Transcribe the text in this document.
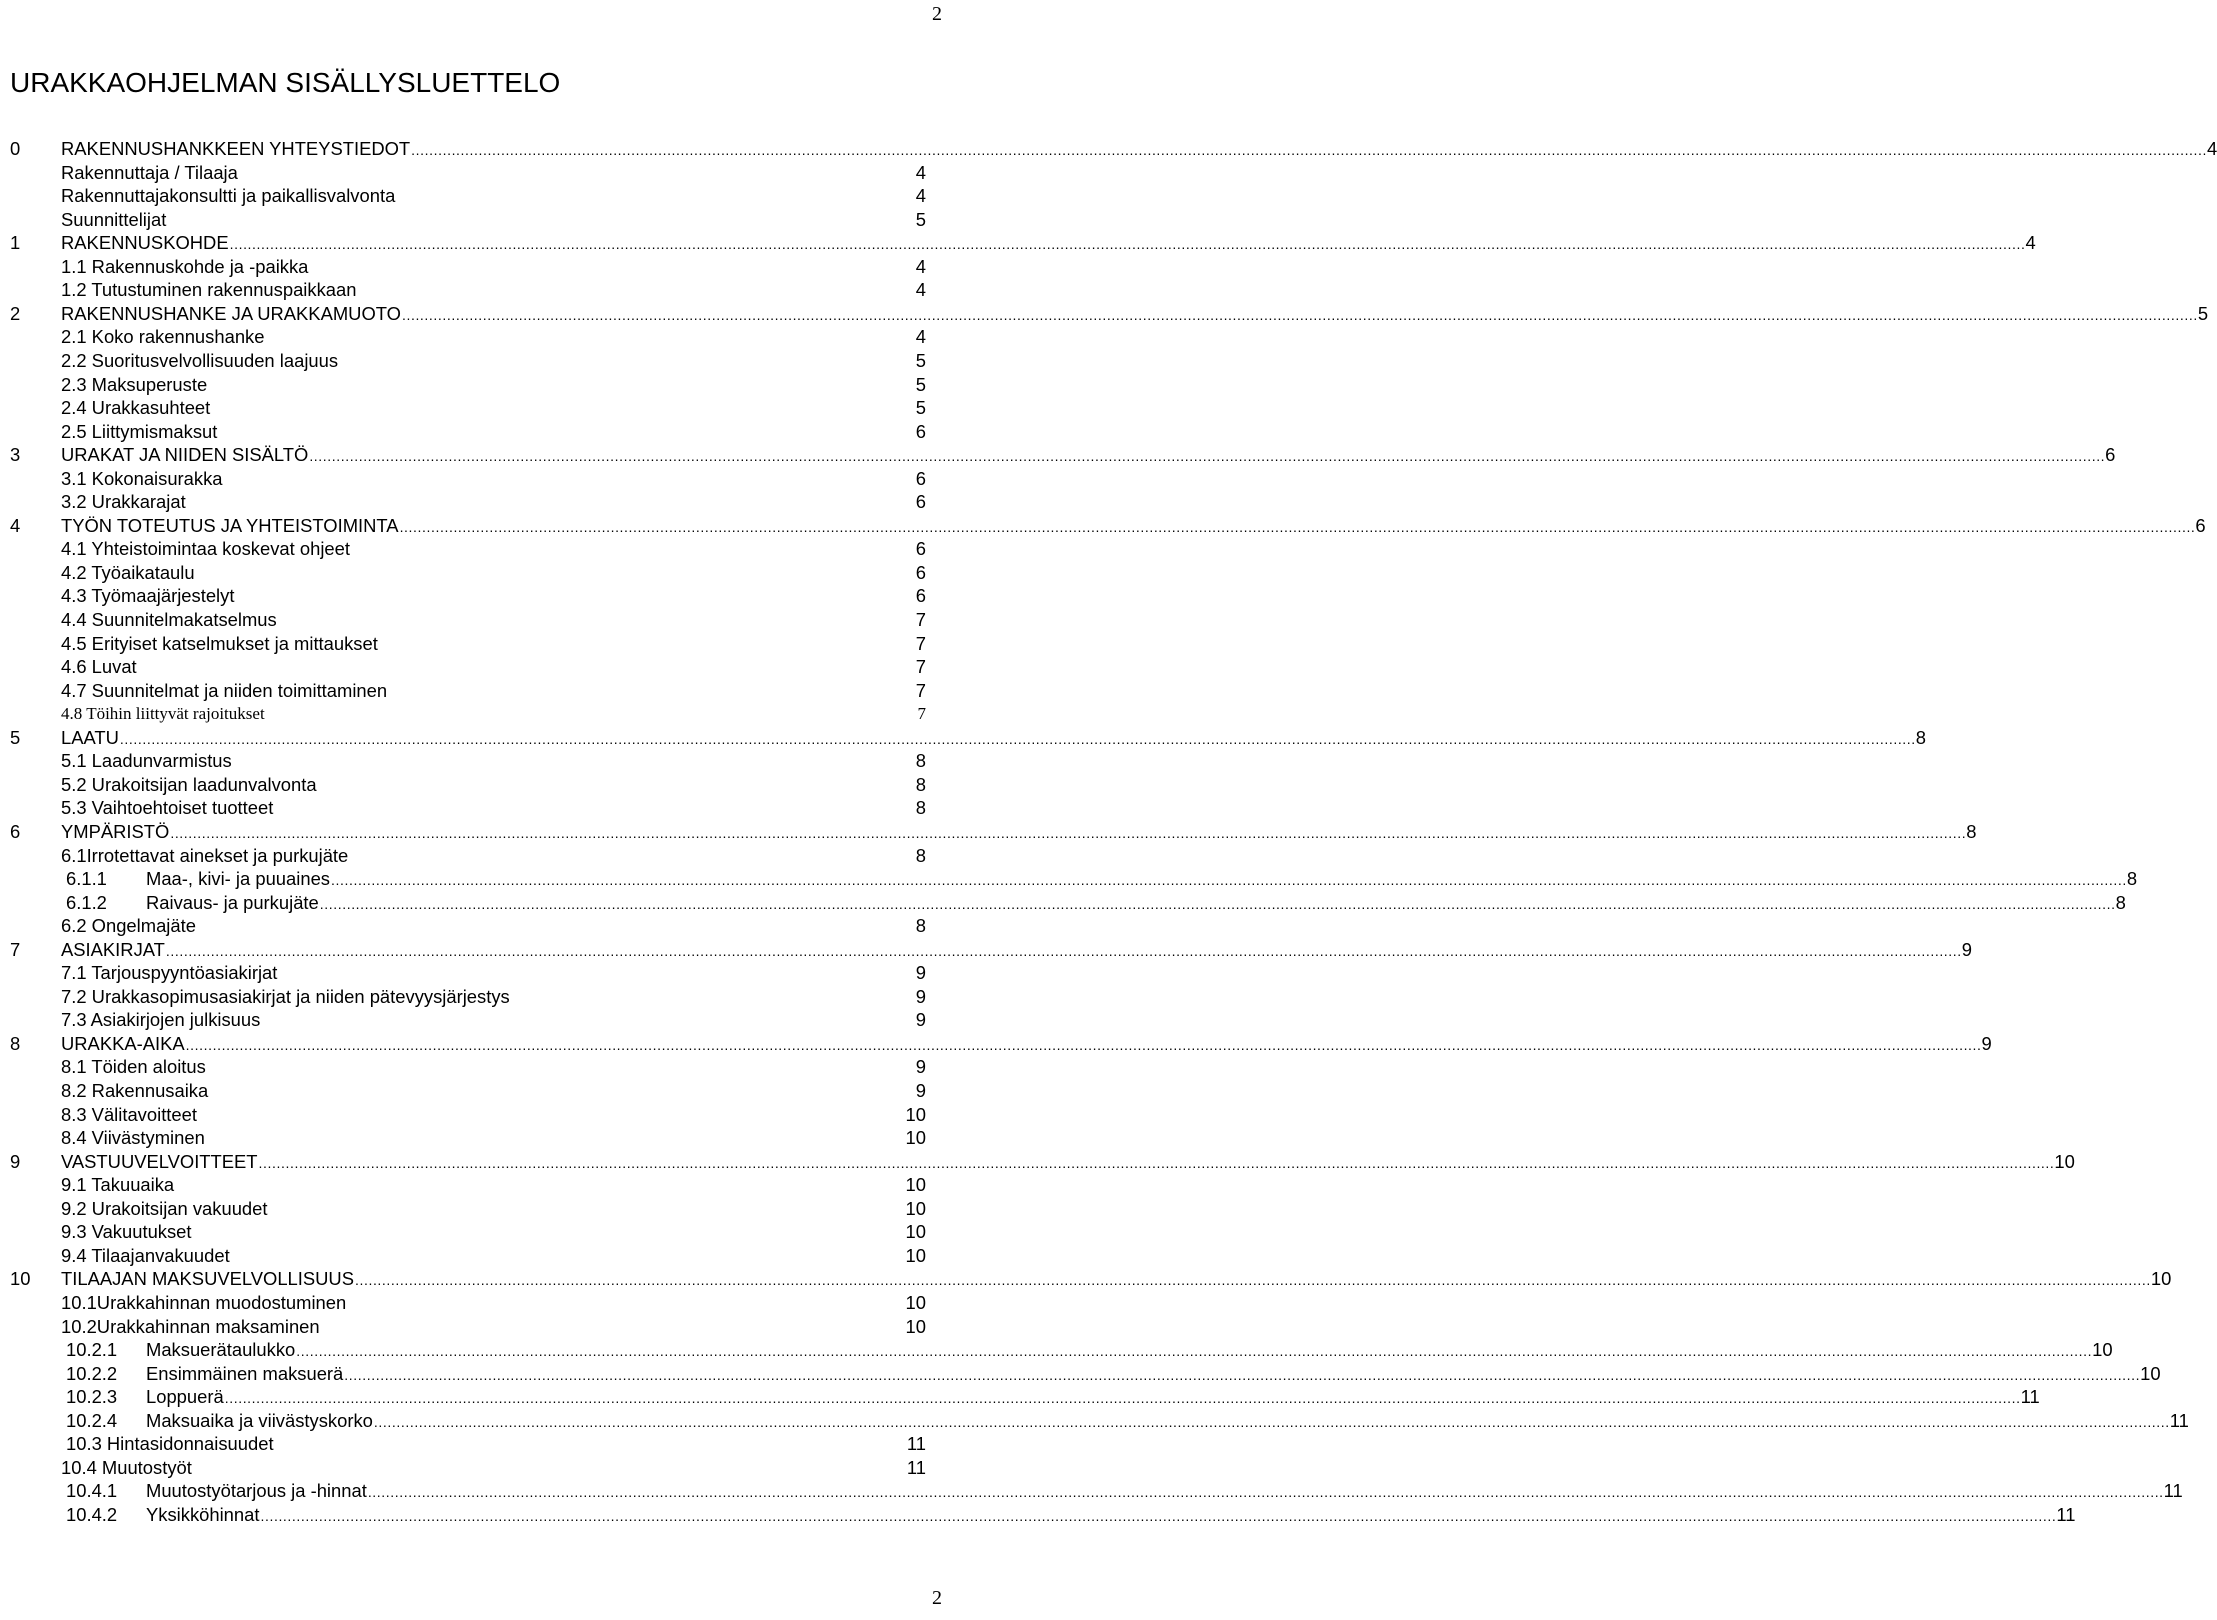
2
URAKKAOHJELMAN SISÄLLYSLUETTELO
0 RAKENNUSHANKKEEN YHTEYSTIEDOT ................................................................................................................................................................................................................................................................................................................................................................................................................ 4
Rakennuttaja / Tilaaja	4
Rakennuttajakonsultti ja paikallisvalvonta	4
Suunnittelijat	5
1 RAKENNUSKOHDE ................................................................................................................................................................................................................................................................................................................................................................................................................ 4
1.1 Rakennuskohde ja -paikka	4
1.2 Tutustuminen rakennuspaikkaan	4
2 RAKENNUSHANKE JA URAKKAMUOTO ................................................................................................................................................................................................................................................................................................................................................................................................................ 5
2.1 Koko rakennushanke	4
2.2 Suoritusvelvollisuuden laajuus	5
2.3 Maksuperuste	5
2.4 Urakkasuhteet	5
2.5 Liittymismaksut	6
3 URAKAT JA NIIDEN SISÄLTÖ ................................................................................................................................................................................................................................................................................................................................................................................................................ 6
3.1 Kokonaisurakka	6
3.2 Urakkarajat	6
4 TYÖN TOTEUTUS JA YHTEISTOIMINTA ................................................................................................................................................................................................................................................................................................................................................................................................................ 6
4.1 Yhteistoimintaa koskevat ohjeet	6
4.2 Työaikataulu	6
4.3 Työmaajärjestelyt	6
4.4 Suunnitelmakatselmus	7
4.5 Erityiset katselmukset ja mittaukset	7
4.6 Luvat	7
4.7 Suunnitelmat ja niiden toimittaminen	7
4.8 Töihin liittyvät rajoitukset	7
5 LAATU ................................................................................................................................................................................................................................................................................................................................................................................................................ 8
5.1 Laadunvarmistus	8
5.2 Urakoitsijan laadunvalvonta	8
5.3 Vaihtoehtoiset tuotteet	8
6 YMPÄRISTÖ ................................................................................................................................................................................................................................................................................................................................................................................................................ 8
6.1Irrotettavat ainekset ja purkujäte	8
6.1.1 Maa-, kivi- ja puuaines ................................................................................................................................................................................................................................................................................................................................................................................................................ 8
6.1.2 Raivaus- ja purkujäte ................................................................................................................................................................................................................................................................................................................................................................................................................ 8
6.2 Ongelmajäte	8
7 ASIAKIRJAT ................................................................................................................................................................................................................................................................................................................................................................................................................ 9
7.1 Tarjouspyyntöasiakirjat	9
7.2 Urakkasopimusasiakirjat ja niiden pätevyysjärjestys	9
7.3 Asiakirjojen julkisuus	9
8 URAKKA-AIKA ................................................................................................................................................................................................................................................................................................................................................................................................................ 9
8.1 Töiden aloitus	9
8.2 Rakennusaika	9
8.3 Välitavoitteet	10
8.4 Viivästyminen	10
9 VASTUUVELVOITTEET ................................................................................................................................................................................................................................................................................................................................................................................................................ 10
9.1 Takuuaika	10
9.2 Urakoitsijan vakuudet	10
9.3 Vakuutukset	10
9.4 Tilaajanvakuudet	10
10 TILAAJAN MAKSUVELVOLLISUUS ................................................................................................................................................................................................................................................................................................................................................................................................................ 10
10.1Urakkahinnan muodostuminen	10
10.2Urakkahinnan maksaminen	10
10.2.1 Maksuerätaulukko ................................................................................................................................................................................................................................................................................................................................................................................................................ 10
10.2.2 Ensimmäinen maksuerä ................................................................................................................................................................................................................................................................................................................................................................................................................ 10
10.2.3 Loppuerä ................................................................................................................................................................................................................................................................................................................................................................................................................ 11
10.2.4 Maksuaika ja viivästyskorko ................................................................................................................................................................................................................................................................................................................................................................................................................ 11
10.3 Hintasidonnaisuudet	11
10.4 Muutostyöt	11
10.4.1 Muutostyötarjous ja -hinnat ................................................................................................................................................................................................................................................................................................................................................................................................................ 11
10.4.2 Yksikköhinnat ................................................................................................................................................................................................................................................................................................................................................................................................................ 11
2
